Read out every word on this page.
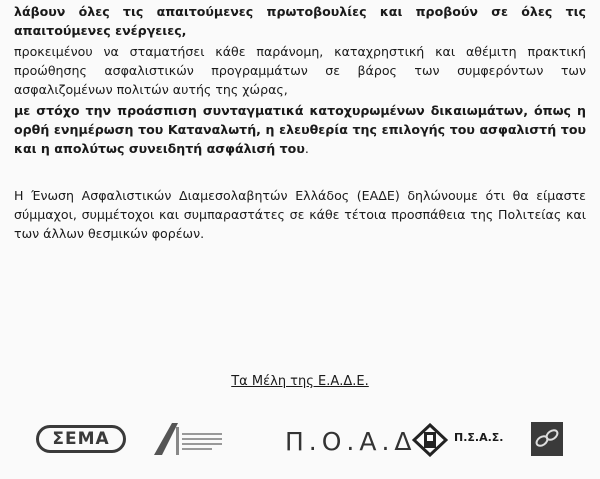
λάβουν όλες τις απαιτούμενες πρωτοβουλίες και προβούν σε όλες τις απαιτούμενες ενέργειες,

προκειμένου να σταματήσει κάθε παράνομη, καταχρηστική και αθέμιτη πρακτική προώθησης ασφαλιστικών προγραμμάτων σε βάρος των συμφερόντων των ασφαλιζομένων πολιτών αυτής της χώρας,

με στόχο την προάσπιση συνταγματικά κατοχυρωμένων δικαιωμάτων, όπως η ορθή ενημέρωση του Καταναλωτή, η ελευθερία της επιλογής του ασφαλιστή του και η απολύτως συνειδητή ασφάλισή του.

Η Ένωση Ασφαλιστικών Διαμεσολαβητών Ελλάδος (ΕΑΔΕ) δηλώνουμε ότι θα είμαστε σύμμαχοι, συμμέτοχοι και συμπαραστάτες σε κάθε τέτοια προσπάθεια της Πολιτείας και των άλλων θεσμικών φορέων.

Τα Μέλη της Ε.Α.Δ.Ε.
ΣΕΜΑ	Π.Ο.Α.Δ	Π.Σ.Α.Σ.
